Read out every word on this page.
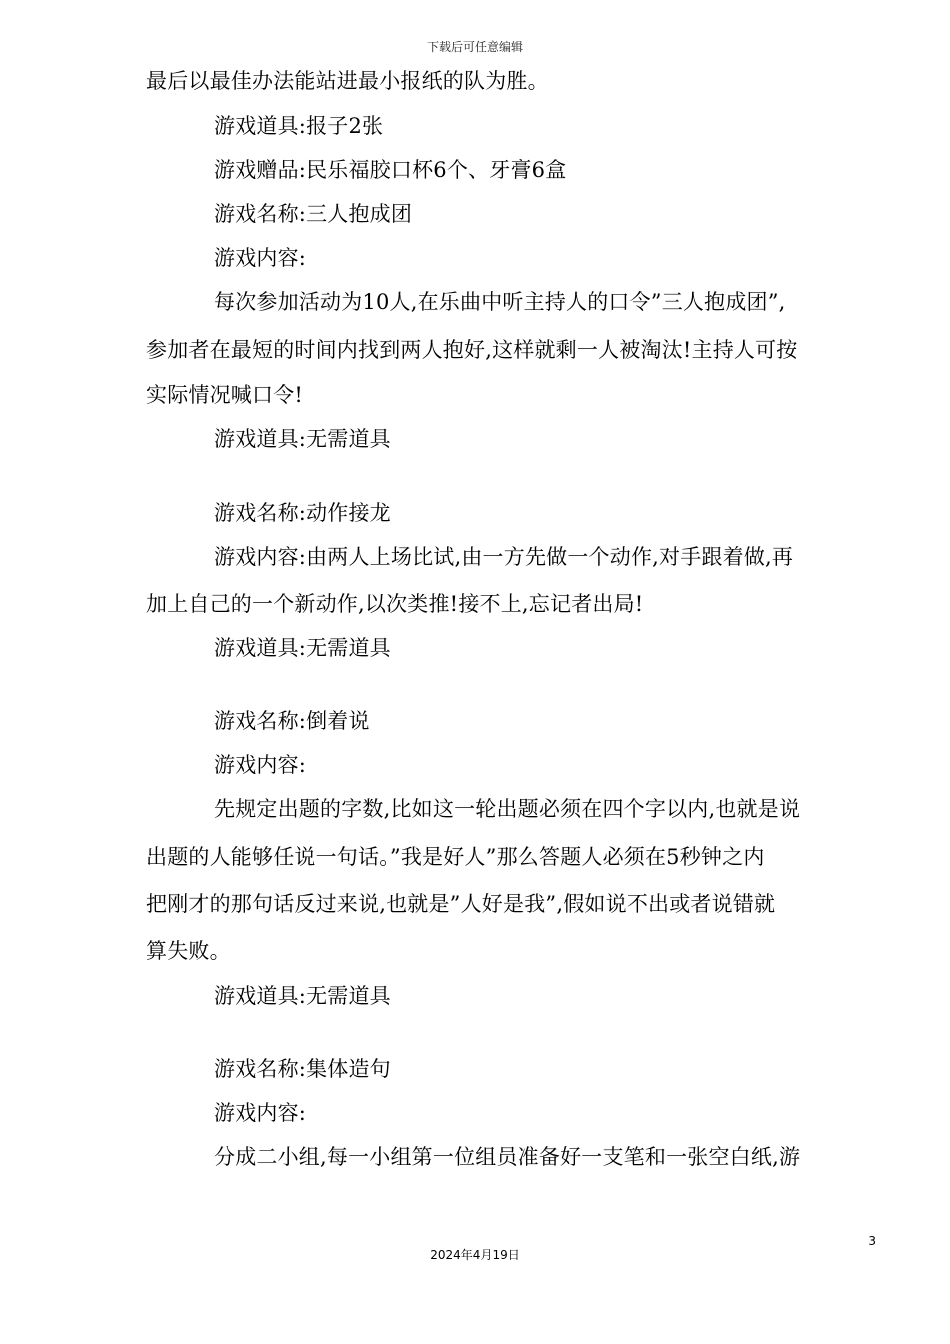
下载后可任意编辑
最后以最佳办法能站进最小报纸的队为胜。
游戏道具:报子2张
游戏赠品:民乐福胶口杯6个、牙膏6盒
游戏名称:三人抱成团
游戏内容:
每次参加活动为10人,在乐曲中听主持人的口令”三人抱成团”,
参加者在最短的时间内找到两人抱好,这样就剩一人被淘汰!主持人可按
实际情况喊口令!
游戏道具:无需道具
游戏名称:动作接龙
游戏内容:由两人上场比试,由一方先做一个动作,对手跟着做,再
加上自己的一个新动作,以次类推!接不上,忘记者出局!
游戏道具:无需道具
游戏名称:倒着说
游戏内容:
先规定出题的字数,比如这一轮出题必须在四个字以内,也就是说
出题的人能够任说一句话。”我是好人”那么答题人必须在5秒钟之内
把刚才的那句话反过来说,也就是”人好是我”,假如说不出或者说错就
算失败。
游戏道具:无需道具
游戏名称:集体造句
游戏内容:
分成二小组,每一小组第一位组员准备好一支笔和一张空白纸,游
3
2024年4月19日
